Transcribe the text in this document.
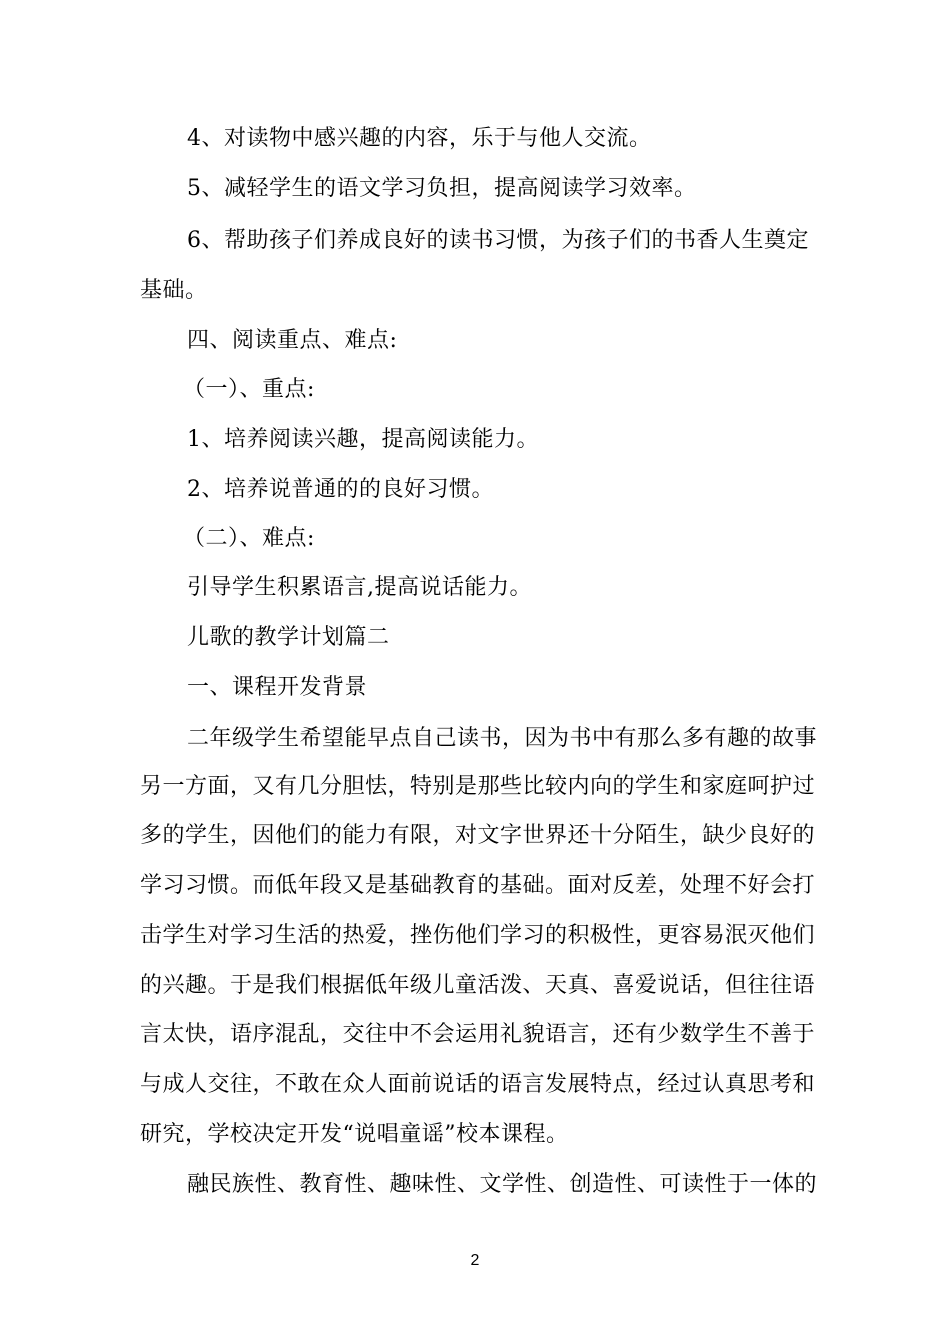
4、对读物中感兴趣的内容，乐于与他人交流。
5、减轻学生的语文学习负担，提高阅读学习效率。
6、帮助孩子们养成良好的读书习惯，为孩子们的书香人生奠定
基础。
四、阅读重点、难点:
（一）、重点:
1、培养阅读兴趣，提高阅读能力。
2、培养说普通的的良好习惯。
（二）、难点:
引导学生积累语言,提高说话能力。
儿歌的教学计划篇二
一、课程开发背景
二年级学生希望能早点自己读书，因为书中有那么多有趣的故事
另一方面，又有几分胆怯，特别是那些比较内向的学生和家庭呵护过
多的学生，因他们的能力有限，对文字世界还十分陌生，缺少良好的
学习习惯。而低年段又是基础教育的基础。面对反差，处理不好会打
击学生对学习生活的热爱，挫伤他们学习的积极性，更容易泯灭他们
的兴趣。于是我们根据低年级儿童活泼、天真、喜爱说话，但往往语
言太快，语序混乱，交往中不会运用礼貌语言，还有少数学生不善于
与成人交往，不敢在众人面前说话的语言发展特点，经过认真思考和
研究，学校决定开发“说唱童谣”校本课程。
融民族性、教育性、趣味性、文学性、创造性、可读性于一体的
2
